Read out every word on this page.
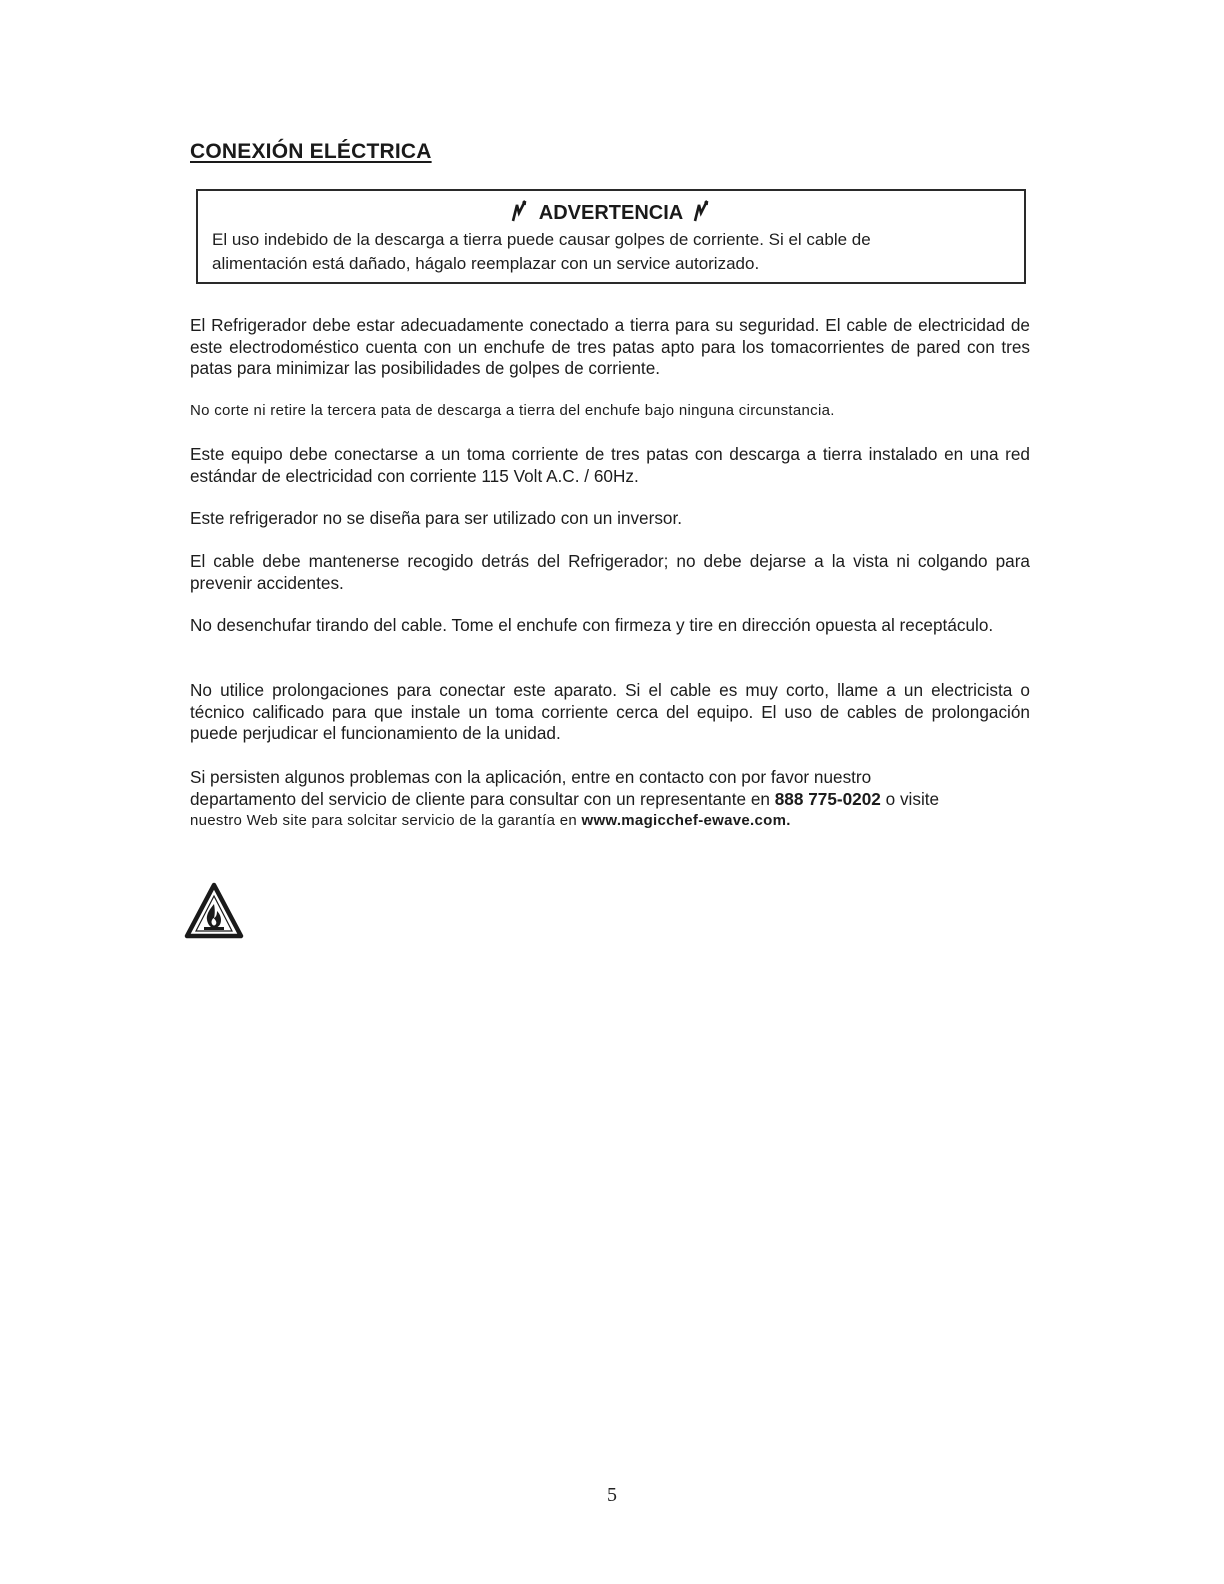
CONEXIÓN ELÉCTRICA
ADVERTENCIA
El uso indebido de la descarga a tierra puede causar golpes de corriente. Si el cable de
alimentación está dañado, hágalo reemplazar con un service autorizado.
El Refrigerador debe estar adecuadamente conectado a tierra para su seguridad. El cable de electricidad de este electrodoméstico cuenta con un enchufe de tres patas apto para los tomacorrientes de pared con tres patas para minimizar las posibilidades de golpes de corriente.
No corte ni retire la tercera pata de descarga a tierra del enchufe bajo ninguna circunstancia.
Este equipo debe conectarse a un toma corriente de tres patas con descarga a tierra instalado en una red estándar de electricidad con corriente 115 Volt A.C. / 60Hz.
Este refrigerador no se diseña para ser utilizado con un inversor.
El cable debe mantenerse recogido detrás del Refrigerador; no debe dejarse a la vista ni colgando para prevenir accidentes.
No desenchufar tirando del cable. Tome el enchufe con firmeza y tire en dirección opuesta al receptáculo.
No utilice prolongaciones para conectar este aparato. Si el cable es muy corto, llame a un electricista o técnico calificado para que instale un toma corriente cerca del equipo. El uso de cables de prolongación puede perjudicar el funcionamiento de la unidad.
Si persisten algunos problemas con la aplicación, entre en contacto con por favor nuestro
departamento del servicio de cliente para consultar con un representante en 888 775-0202 o visite
nuestro Web site para solcitar servicio de la garantía en www.magicchef-ewave.com.
5
